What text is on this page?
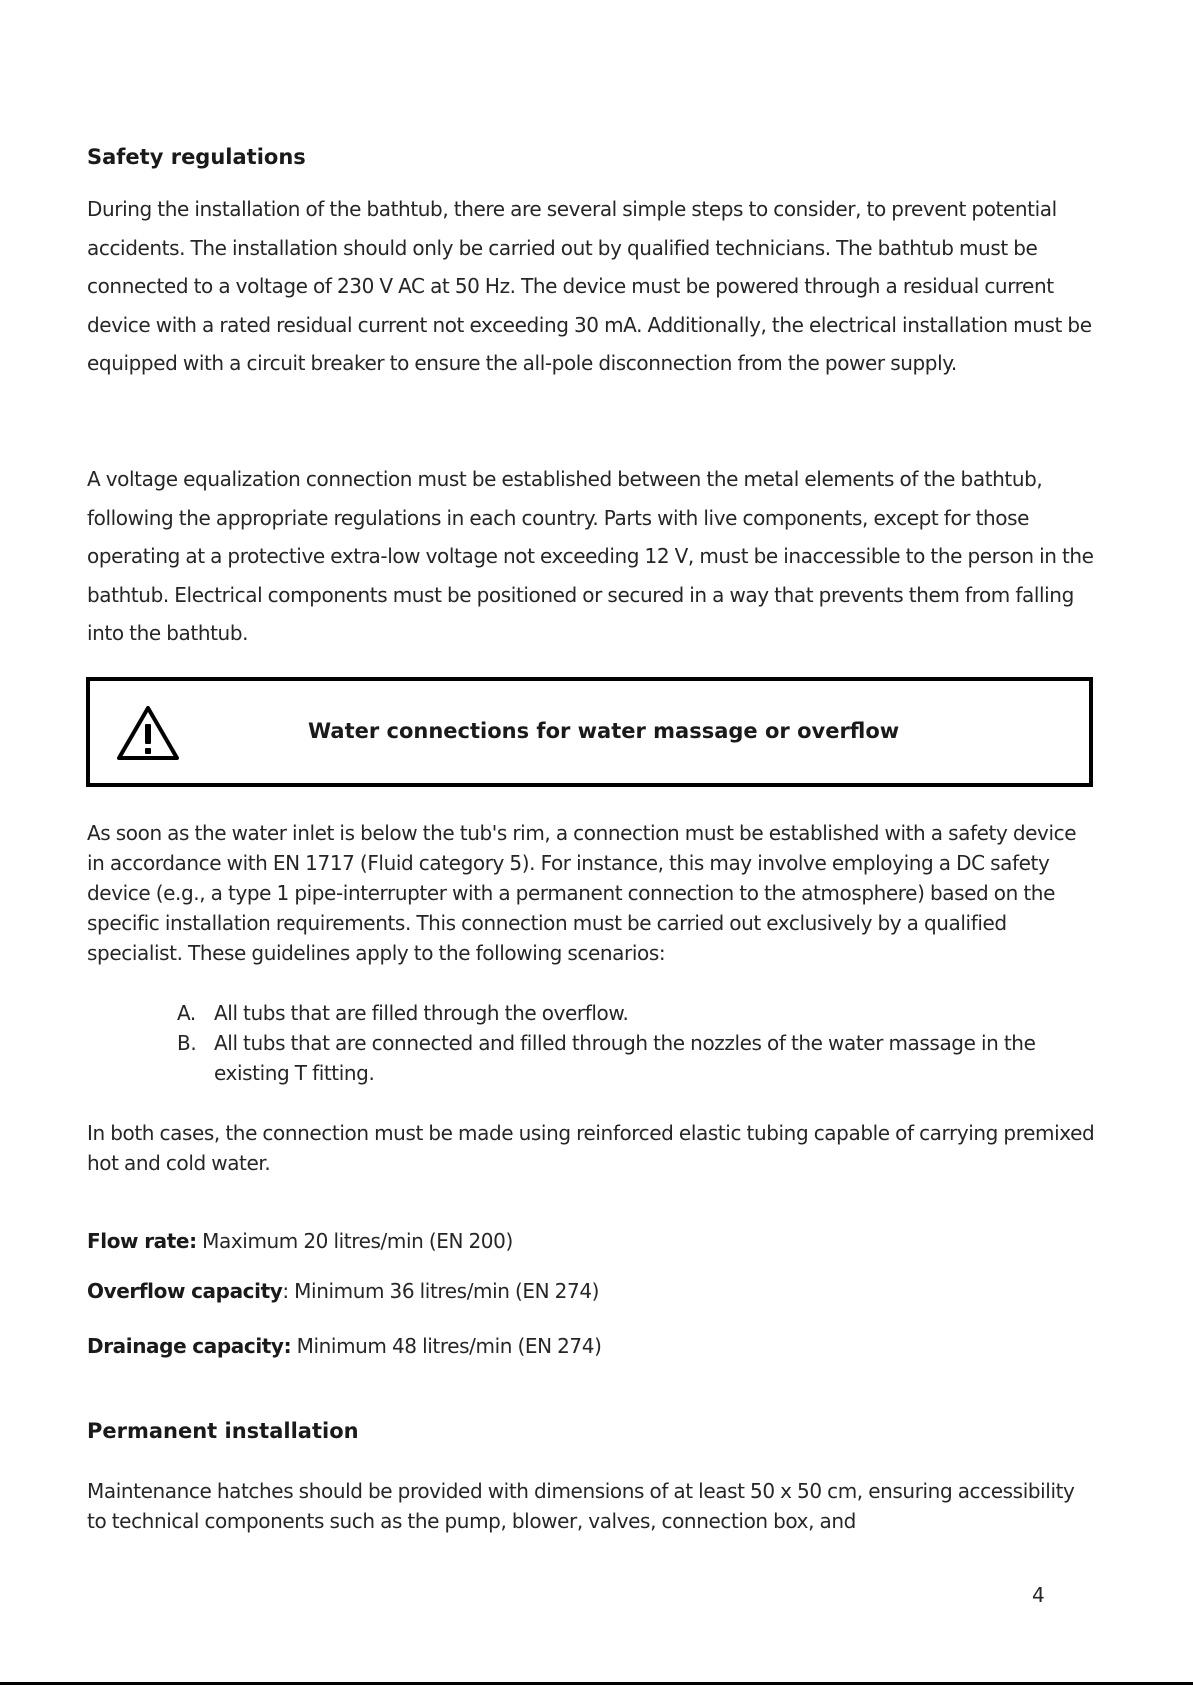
Safety regulations

During the installation of the bathtub, there are several simple steps to consider, to prevent potential accidents. The installation should only be carried out by qualified technicians. The bathtub must be connected to a voltage of 230 V AC at 50 Hz. The device must be powered through a residual current device with a rated residual current not exceeding 30 mA. Additionally, the electrical installation must be equipped with a circuit breaker to ensure the all-pole disconnection from the power supply.

A voltage equalization connection must be established between the metal elements of the bathtub, following the appropriate regulations in each country. Parts with live components, except for those operating at a protective extra-low voltage not exceeding 12 V, must be inaccessible to the person in the bathtub. Electrical components must be positioned or secured in a way that prevents them from falling into the bathtub.

Water connections for water massage or overflow

As soon as the water inlet is below the tub's rim, a connection must be established with a safety device in accordance with EN 1717 (Fluid category 5). For instance, this may involve employing a DC safety device (e.g., a type 1 pipe-interrupter with a permanent connection to the atmosphere) based on the specific installation requirements. This connection must be carried out exclusively by a qualified specialist. These guidelines apply to the following scenarios:

A. All tubs that are filled through the overflow.
B. All tubs that are connected and filled through the nozzles of the water massage in the existing T fitting.

In both cases, the connection must be made using reinforced elastic tubing capable of carrying premixed hot and cold water.

Flow rate: Maximum 20 litres/min (EN 200)
Overflow capacity: Minimum 36 litres/min (EN 274)
Drainage capacity: Minimum 48 litres/min (EN 274)
Permanent installation

Maintenance hatches should be provided with dimensions of at least 50 x 50 cm, ensuring accessibility to technical components such as the pump, blower, valves, connection box, and

4
